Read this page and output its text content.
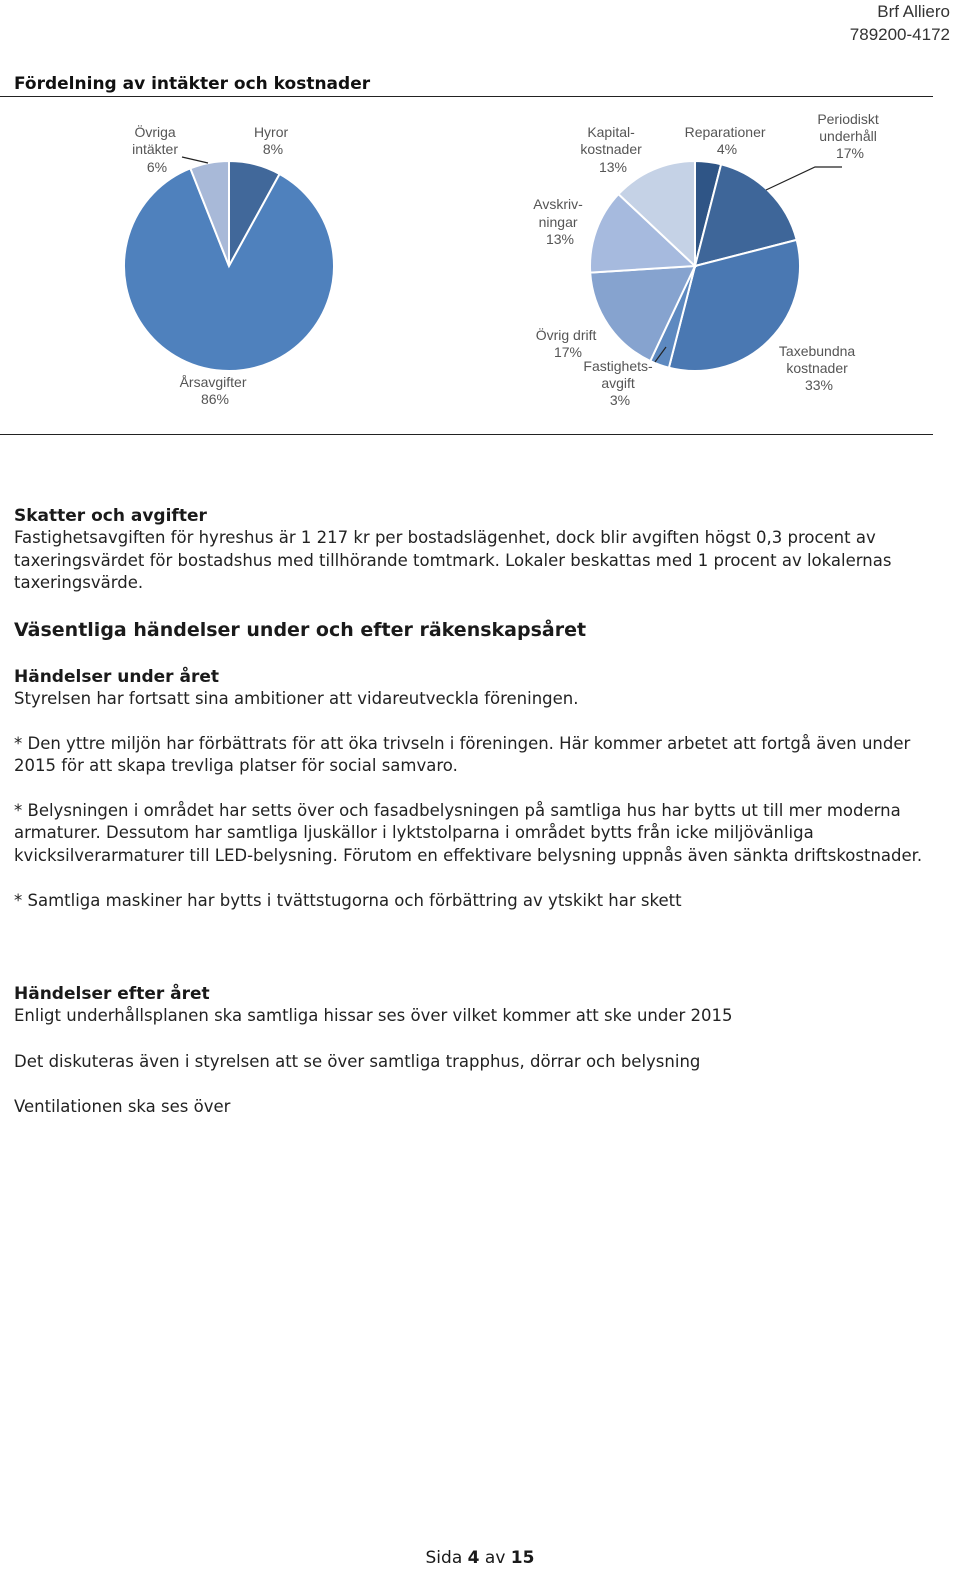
Brf Alliero
789200-4172
Fördelning av intäkter och kostnader
Hyror 8%
Övriga intäkter 6%
Årsavgifter 86%
Kapital- kostnader 13%
Reparationer 4%
Periodiskt underhåll 17%
Avskriv- ningar 13%
Övrig drift 17%
Fastighets- avgift 3%
Taxebundna kostnader 33%

Skatter och avgifter

Fastighetsavgiften för hyreshus är 1 217 kr per bostadslägenhet, dock blir avgiften högst 0,3 procent av taxeringsvärdet för bostadshus med tillhörande tomtmark. Lokaler beskattas med 1 procent av lokalernas taxeringsvärde.

Väsentliga händelser under och efter räkenskapsåret

Händelser under året

Styrelsen har fortsatt sina ambitioner att vidareutveckla föreningen.

* Den yttre miljön har förbättrats för att öka trivseln i föreningen. Här kommer arbetet att fortgå även under 2015 för att skapa trevliga platser för social samvaro.

* Belysningen i området har setts över och fasadbelysningen på samtliga hus har bytts ut till mer moderna armaturer. Dessutom har samtliga ljuskällor i lyktstolparna i området bytts från icke miljövänliga kvicksilverarmaturer till LED-belysning. Förutom en effektivare belysning uppnås även sänkta driftskostnader.

* Samtliga maskiner har bytts i tvättstugorna och förbättring av ytskikt har skett

Händelser efter året

Enligt underhållsplanen ska samtliga hissar ses över vilket kommer att ske under 2015

Det diskuteras även i styrelsen att se över samtliga trapphus, dörrar och belysning

Ventilationen ska ses över

Sida 4 av 15
